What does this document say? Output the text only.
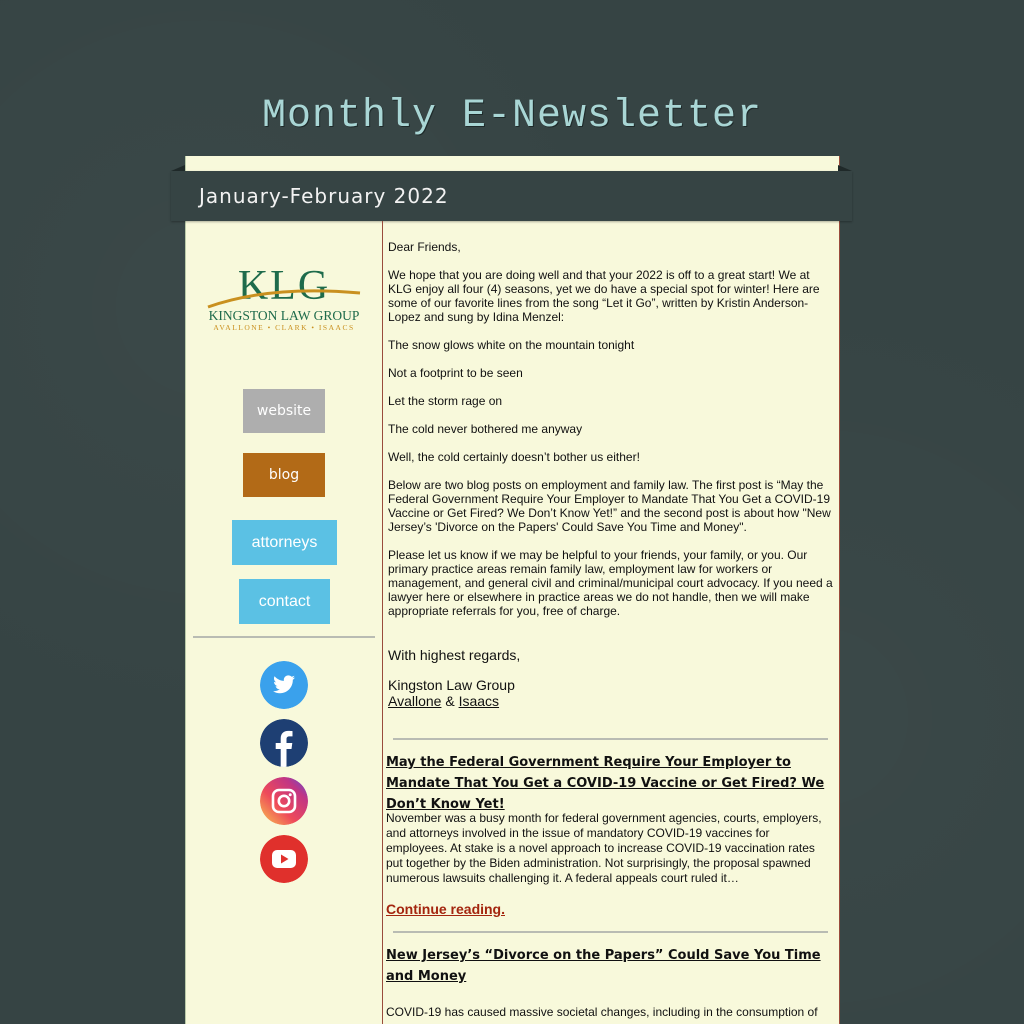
Monthly E-Newsletter
January-February 2022
KLG
KINGSTON LAW GROUP
AVALLONE • CLARK • ISAACS
website
blog
attorneys
contact

Dear Friends,

We hope that you are doing well and that your 2022 is off to a great start! We at KLG enjoy all four (4) seasons, yet we do have a special spot for winter! Here are some of our favorite lines from the song “Let it Go”, written by Kristin Anderson-Lopez and sung by Idina Menzel:

The snow glows white on the mountain tonight

Not a footprint to be seen

Let the storm rage on

The cold never bothered me anyway

Well, the cold certainly doesn’t bother us either!

Below are two blog posts on employment and family law. The first post is “May the Federal Government Require Your Employer to Mandate That You Get a COVID-19 Vaccine or Get Fired? We Don’t Know Yet!” and the second post is about how "New Jersey’s 'Divorce on the Papers' Could Save You Time and Money".

Please let us know if we may be helpful to your friends, your family, or you. Our primary practice areas remain family law, employment law for workers or management, and general civil and criminal/municipal court advocacy. If you need a lawyer here or elsewhere in practice areas we do not handle, then we will make appropriate referrals for you, free of charge.

With highest regards,

Kingston Law Group

Avallone & Isaacs

May the Federal Government Require Your Employer to Mandate That You Get a COVID-19 Vaccine or Get Fired? We Don’t Know Yet!
November was a busy month for federal government agencies, courts, employers, and attorneys involved in the issue of mandatory COVID-19 vaccines for employees. At stake is a novel approach to increase COVID-19 vaccination rates put together by the Biden administration. Not surprisingly, the proposal spawned numerous lawsuits challenging it. A federal appeals court ruled it…
Continue reading.
New Jersey’s “Divorce on the Papers” Could Save You Time and Money
COVID-19 has caused massive societal changes, including in the consumption of
